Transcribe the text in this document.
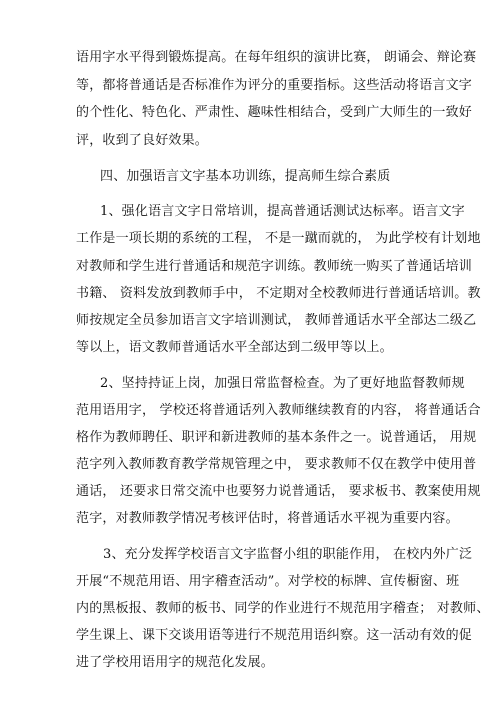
语用字水平得到锻炼提高。在每年组织的演讲比赛， 朗诵会、辩论赛
等，都将普通话是否标准作为评分的重要指标。这些活动将语言文字
的个性化、特色化、严肃性、趣味性相结合，受到广大师生的一致好
评，收到了良好效果。
四、加强语言文字基本功训练，提高师生综合素质
1、强化语言文字日常培训，提高普通话测试达标率。语言文字
工作是一项长期的系统的工程， 不是一蹴而就的， 为此学校有计划地
对教师和学生进行普通话和规范字训练。教师统一购买了普通话培训
书籍、 资料发放到教师手中， 不定期对全校教师进行普通话培训。教
师按规定全员参加语言文字培训测试， 教师普通话水平全部达二级乙
等以上，语文教师普通话水平全部达到二级甲等以上。
2、坚持持证上岗，加强日常监督检查。为了更好地监督教师规
范用语用字， 学校还将普通话列入教师继续教育的内容， 将普通话合
格作为教师聘任、职评和新进教师的基本条件之一。说普通话， 用规
范字列入教师教育教学常规管理之中， 要求教师不仅在教学中使用普
通话， 还要求日常交流中也要努力说普通话， 要求板书、教案使用规
范字，对教师教学情况考核评估时，将普通话水平视为重要内容。
3、充分发挥学校语言文字监督小组的职能作用， 在校内外广泛
开展“不规范用语、用字稽查活动”。对学校的标牌、宣传橱窗、班
内的黑板报、教师的板书、同学的作业进行不规范用字稽查； 对教师、
学生课上、课下交谈用语等进行不规范用语纠察。这一活动有效的促
进了学校用语用字的规范化发展。
